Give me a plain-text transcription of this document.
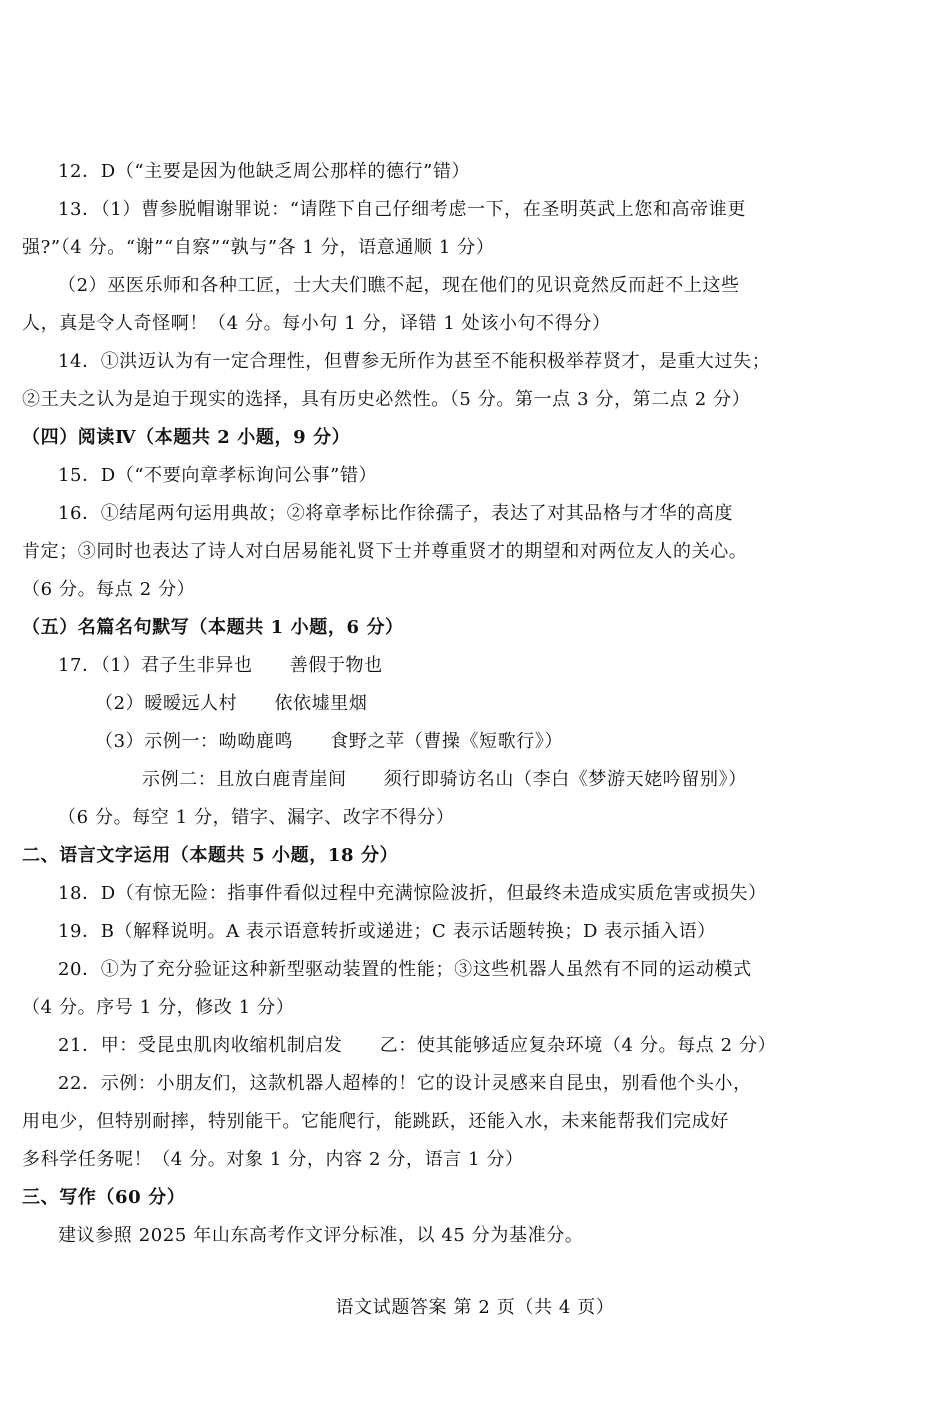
12．D（“主要是因为他缺乏周公那样的德行”错）
13．（1）曹参脱帽谢罪说：“请陛下自己仔细考虑一下，在圣明英武上您和高帝谁更
强?”（4 分。“谢”“自察”“孰与”各 1 分，语意通顺 1 分）
（2）巫医乐师和各种工匠，士大夫们瞧不起，现在他们的见识竟然反而赶不上这些
人，真是令人奇怪啊！（4 分。每小句 1 分，译错 1 处该小句不得分）
14．①洪迈认为有一定合理性，但曹参无所作为甚至不能积极举荐贤才，是重大过失；
②王夫之认为是迫于现实的选择，具有历史必然性。（5 分。第一点 3 分，第二点 2 分）
（四）阅读Ⅳ（本题共 2 小题，9 分）
15．D（“不要向章孝标询问公事”错）
16．①结尾两句运用典故；②将章孝标比作徐孺子，表达了对其品格与才华的高度
肯定；③同时也表达了诗人对白居易能礼贤下士并尊重贤才的期望和对两位友人的关心。
（6 分。每点 2 分）
（五）名篇名句默写（本题共 1 小题，6 分）
17．（1）君子生非异也　　善假于物也
（2）暧暧远人村　　依依墟里烟
（3）示例一：呦呦鹿鸣　　食野之苹（曹操《短歌行》）
示例二：且放白鹿青崖间　　须行即骑访名山（李白《梦游天姥吟留别》）
（6 分。每空 1 分，错字、漏字、改字不得分）
二、语言文字运用（本题共 5 小题，18 分）
18．D（有惊无险：指事件看似过程中充满惊险波折，但最终未造成实质危害或损失）
19．B（解释说明。A 表示语意转折或递进；C 表示话题转换；D 表示插入语）
20．①为了充分验证这种新型驱动装置的性能；③这些机器人虽然有不同的运动模式
（4 分。序号 1 分，修改 1 分）
21．甲：受昆虫肌肉收缩机制启发　　乙：使其能够适应复杂环境（4 分。每点 2 分）
22．示例：小朋友们，这款机器人超棒的！它的设计灵感来自昆虫，别看他个头小，
用电少，但特别耐摔，特别能干。它能爬行，能跳跃，还能入水，未来能帮我们完成好
多科学任务呢！（4 分。对象 1 分，内容 2 分，语言 1 分）
三、写作（60 分）
建议参照 2025 年山东高考作文评分标准，以 45 分为基准分。
语文试题答案 第 2 页（共 4 页）
